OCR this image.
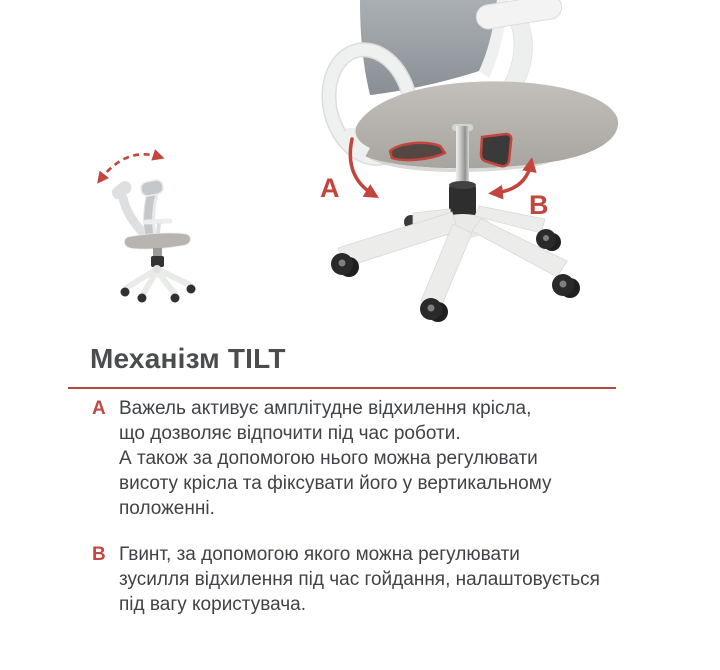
A
B
Механізм TILT
A Важель активує амплітудне відхилення крісла,
що дозволяє відпочити під час роботи.
А також за допомогою нього можна регулювати
висоту крісла та фіксувати його у вертикальному
положенні.
B Гвинт, за допомогою якого можна регулювати
зусилля відхилення під час гойдання, налаштовується
під вагу користувача.
